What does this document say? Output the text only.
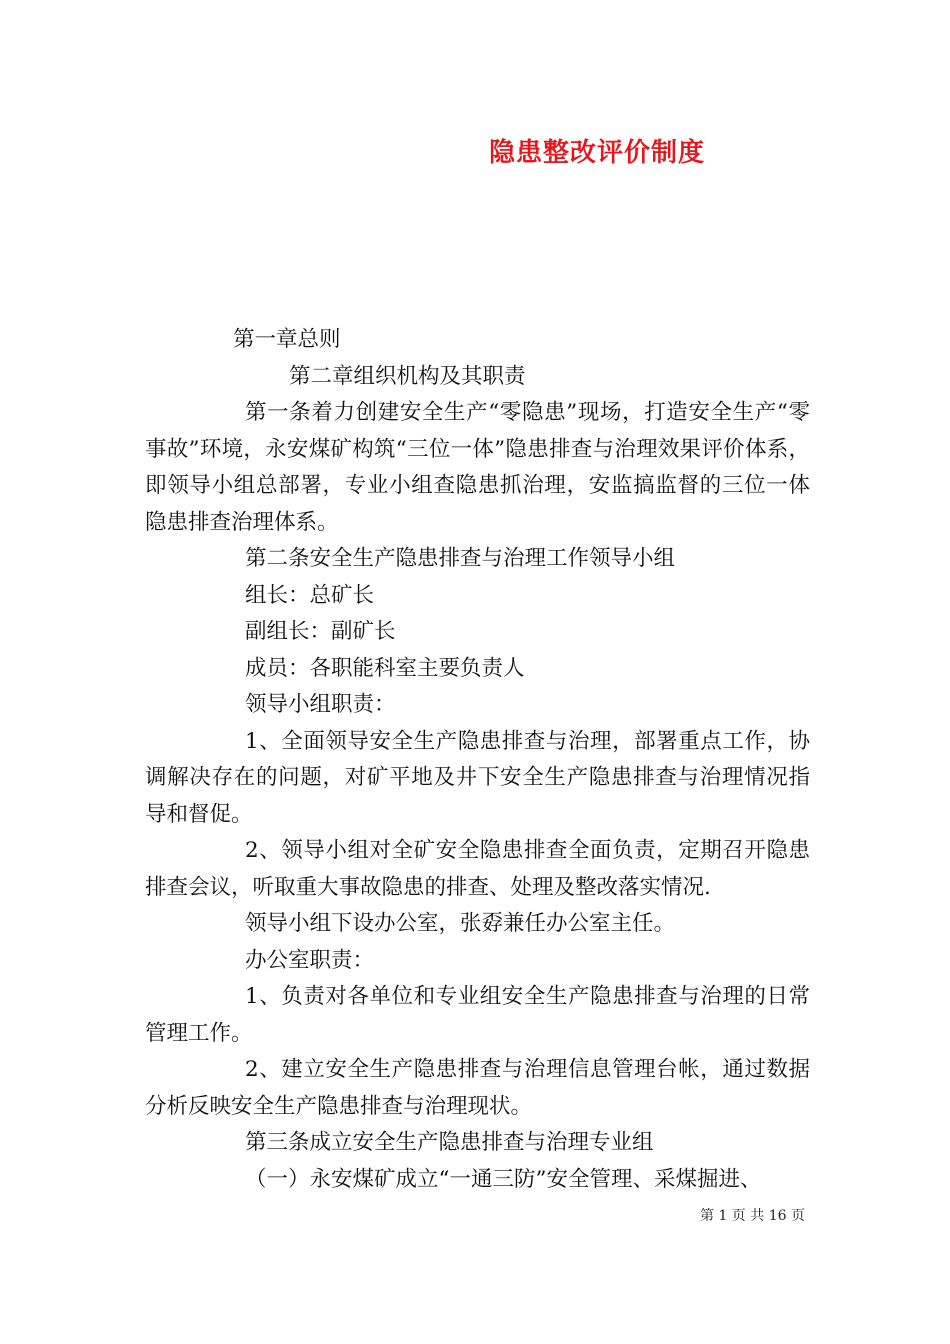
隐患整改评价制度

第一章总则

第二章组织机构及其职责

第一条着力创建安全生产“零隐患”现场，打造安全生产“零事故”环境，永安煤矿构筑“三位一体”隐患排查与治理效果评价体系，即领导小组总部署，专业小组查隐患抓治理，安监搞监督的三位一体隐患排查治理体系。

第二条安全生产隐患排查与治理工作领导小组

组长：总矿长

副组长：副矿长

成员：各职能科室主要负责人

领导小组职责：

1、全面领导安全生产隐患排查与治理，部署重点工作，协调解决存在的问题，对矿平地及井下安全生产隐患排查与治理情况指导和督促。

2、领导小组对全矿安全隐患排查全面负责，定期召开隐患排查会议，听取重大事故隐患的排查、处理及整改落实情况.

领导小组下设办公室，张孬兼任办公室主任。

办公室职责：

1、负责对各单位和专业组安全生产隐患排查与治理的日常管理工作。

2、建立安全生产隐患排查与治理信息管理台帐，通过数据分析反映安全生产隐患排查与治理现状。

第三条成立安全生产隐患排查与治理专业组

（一）永安煤矿成立“一通三防”安全管理、采煤掘进、

第 1 页 共 16 页
